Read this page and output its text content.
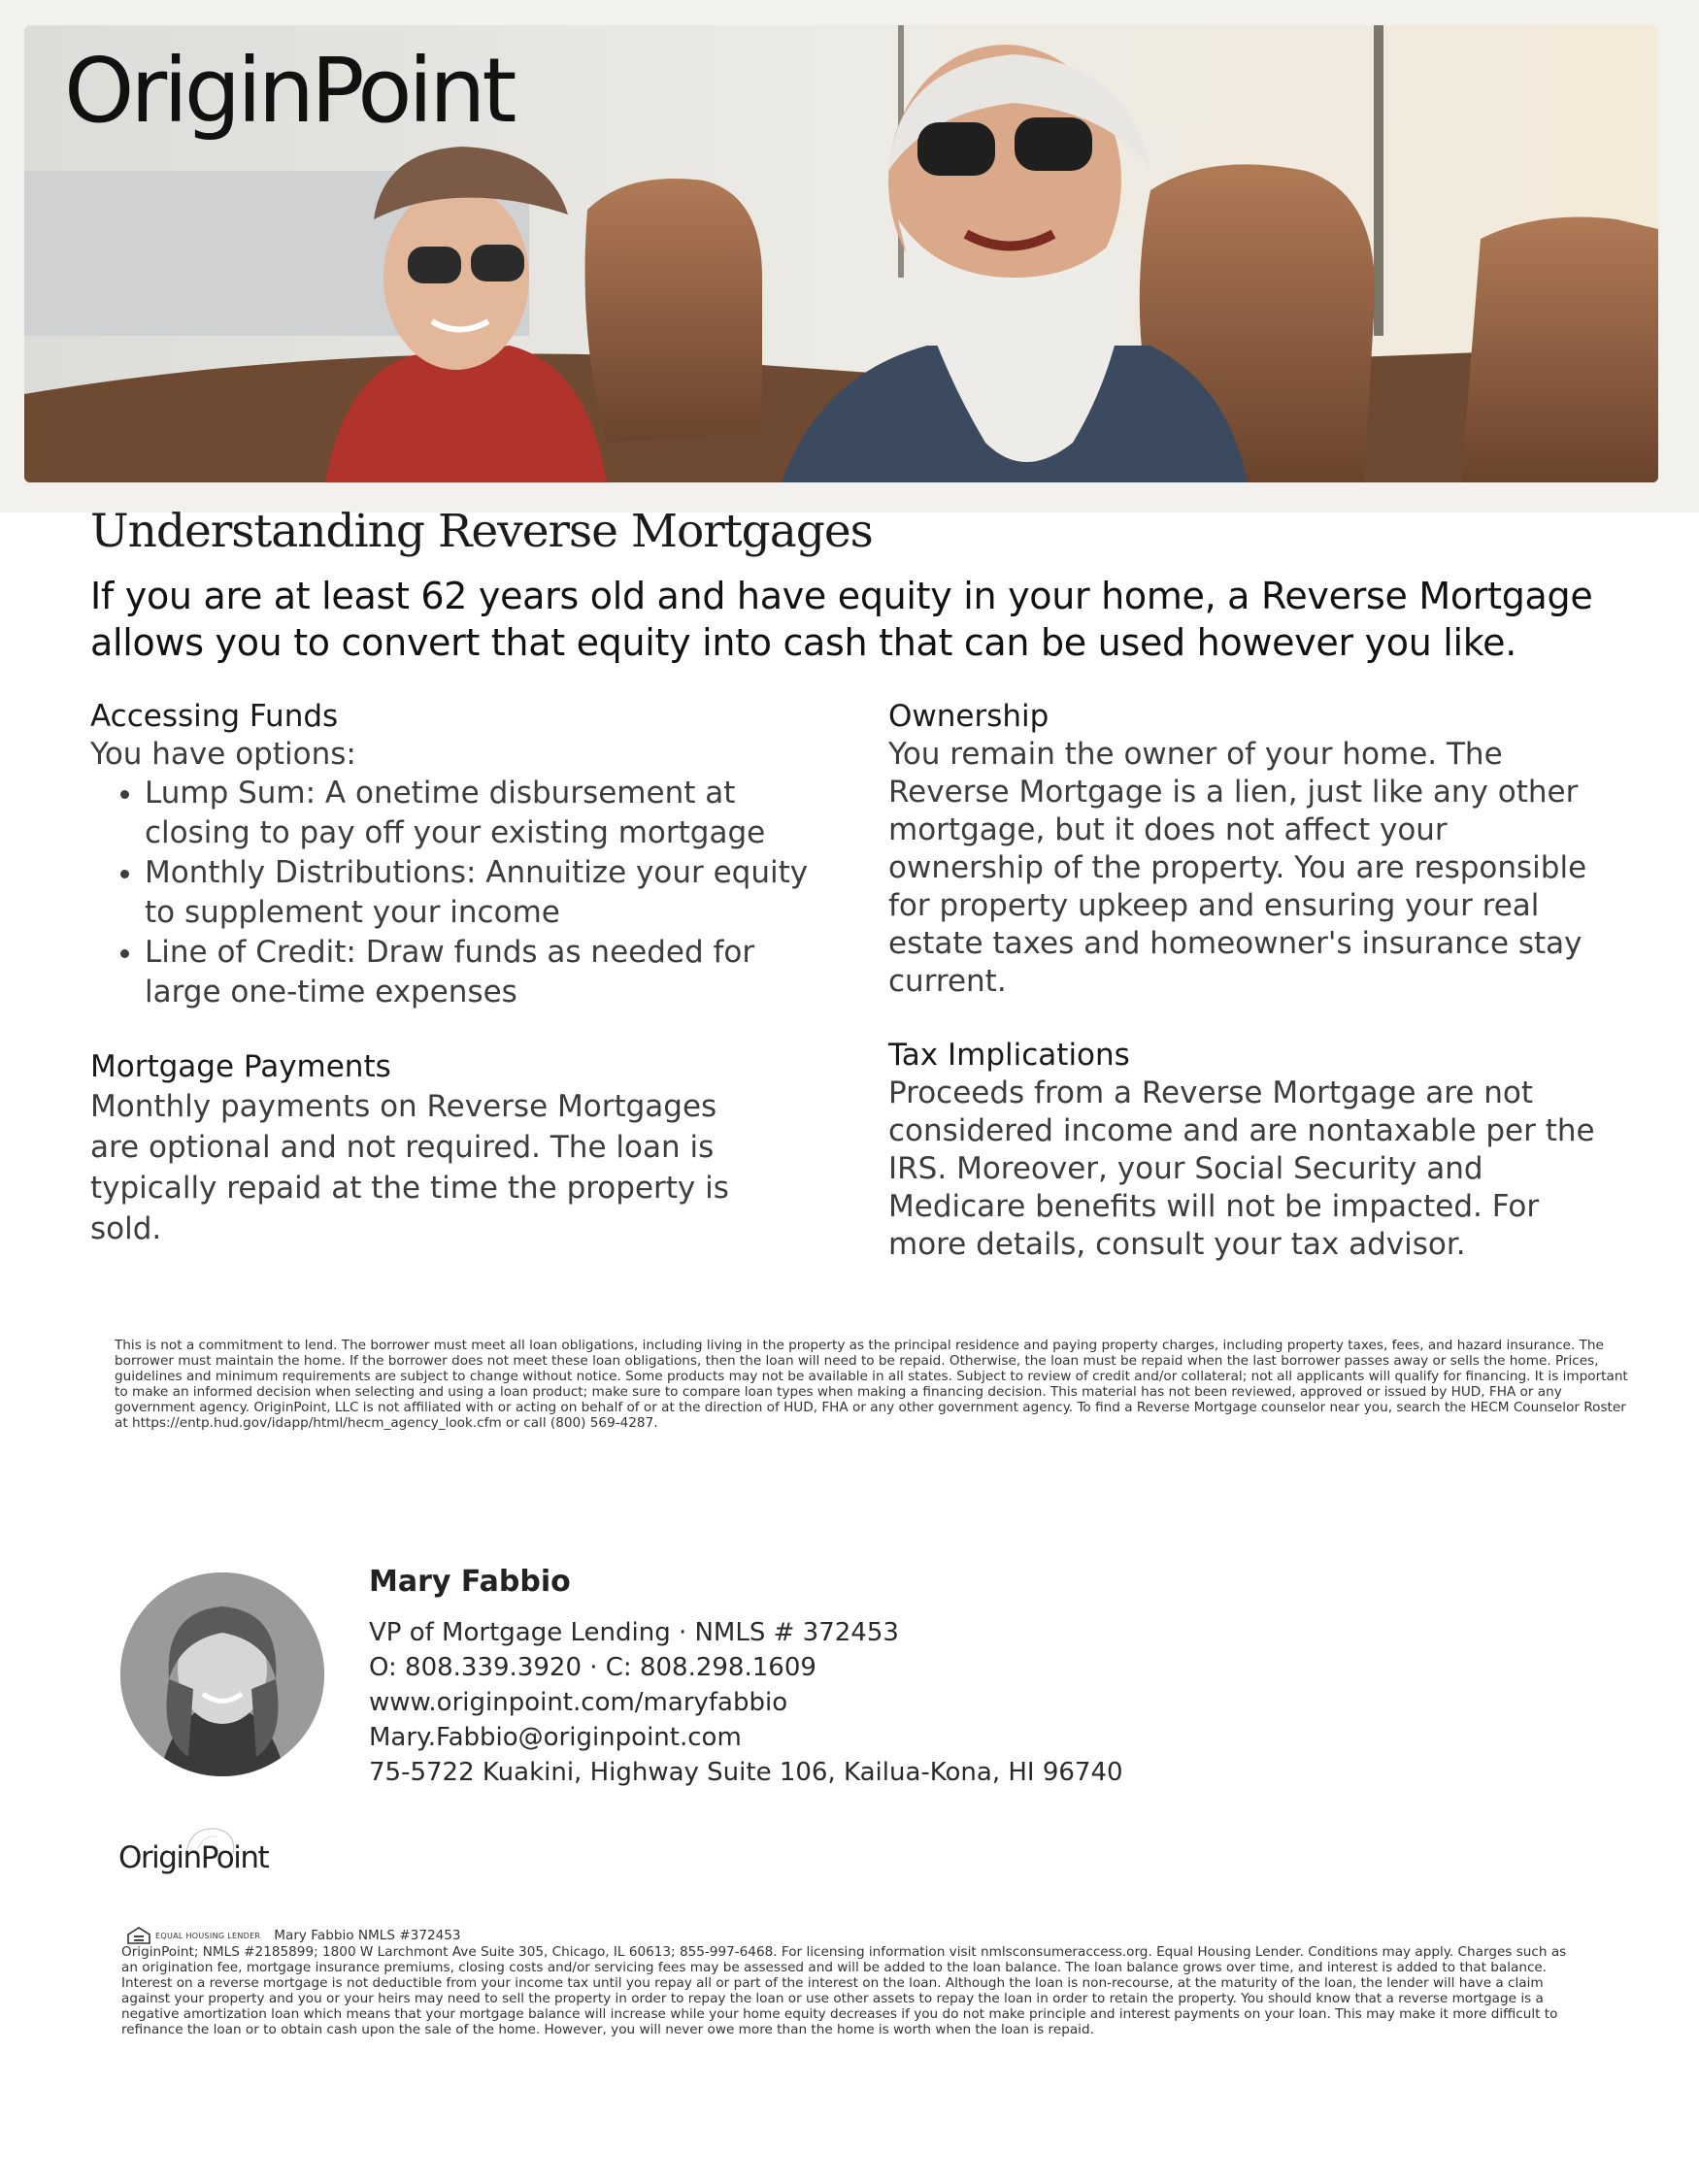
OriginPoint
Understanding Reverse Mortgages

If you are at least 62 years old and have equity in your home, a Reverse Mortgage allows you to convert that equity into cash that can be used however you like.

Accessing Funds

You have options:

• Lump Sum: A onetime disbursement at closing to pay off your existing mortgage
• Monthly Distributions: Annuitize your equity to supplement your income
• Line of Credit: Draw funds as needed for large one-time expenses
Mortgage Payments

Monthly payments on Reverse Mortgages are optional and not required. The loan is typically repaid at the time the property is sold.

Ownership

You remain the owner of your home. The Reverse Mortgage is a lien, just like any other mortgage, but it does not affect your ownership of the property. You are responsible for property upkeep and ensuring your real estate taxes and homeowner's insurance stay current.

Tax Implications

Proceeds from a Reverse Mortgage are not considered income and are nontaxable per the IRS. Moreover, your Social Security and Medicare benefits will not be impacted. For more details, consult your tax advisor.

This is not a commitment to lend. The borrower must meet all loan obligations, including living in the property as the principal residence and paying property charges, including property taxes, fees, and hazard insurance. The borrower must maintain the home. If the borrower does not meet these loan obligations, then the loan will need to be repaid. Otherwise, the loan must be repaid when the last borrower passes away or sells the home. Prices, guidelines and minimum requirements are subject to change without notice. Some products may not be available in all states. Subject to review of credit and/or collateral; not all applicants will qualify for financing. It is important to make an informed decision when selecting and using a loan product; make sure to compare loan types when making a financing decision. This material has not been reviewed, approved or issued by HUD, FHA or any government agency. OriginPoint, LLC is not affiliated with or acting on behalf of or at the direction of HUD, FHA or any other government agency. To find a Reverse Mortgage counselor near you, search the HECM Counselor Roster at https://entp.hud.gov/idapp/html/hecm_agency_look.cfm or call (800) 569-4287.

Mary Fabbio

VP of Mortgage Lending · NMLS # 372453

O: 808.339.3920 · C: 808.298.1609

www.originpoint.com/maryfabbio

Mary.Fabbio@originpoint.com

75-5722 Kuakini, Highway Suite 106, Kailua-Kona, HI 96740

OriginPoint
EQUAL HOUSING LENDER Mary Fabbio NMLS #372453

OriginPoint; NMLS #2185899; 1800 W Larchmont Ave Suite 305, Chicago, IL 60613; 855-997-6468. For licensing information visit nmlsconsumeraccess.org. Equal Housing Lender. Conditions may apply. Charges such as an origination fee, mortgage insurance premiums, closing costs and/or servicing fees may be assessed and will be added to the loan balance. The loan balance grows over time, and interest is added to that balance. Interest on a reverse mortgage is not deductible from your income tax until you repay all or part of the interest on the loan. Although the loan is non-recourse, at the maturity of the loan, the lender will have a claim against your property and you or your heirs may need to sell the property in order to repay the loan or use other assets to repay the loan in order to retain the property. You should know that a reverse mortgage is a negative amortization loan which means that your mortgage balance will increase while your home equity decreases if you do not make principle and interest payments on your loan. This may make it more difficult to refinance the loan or to obtain cash upon the sale of the home. However, you will never owe more than the home is worth when the loan is repaid.
